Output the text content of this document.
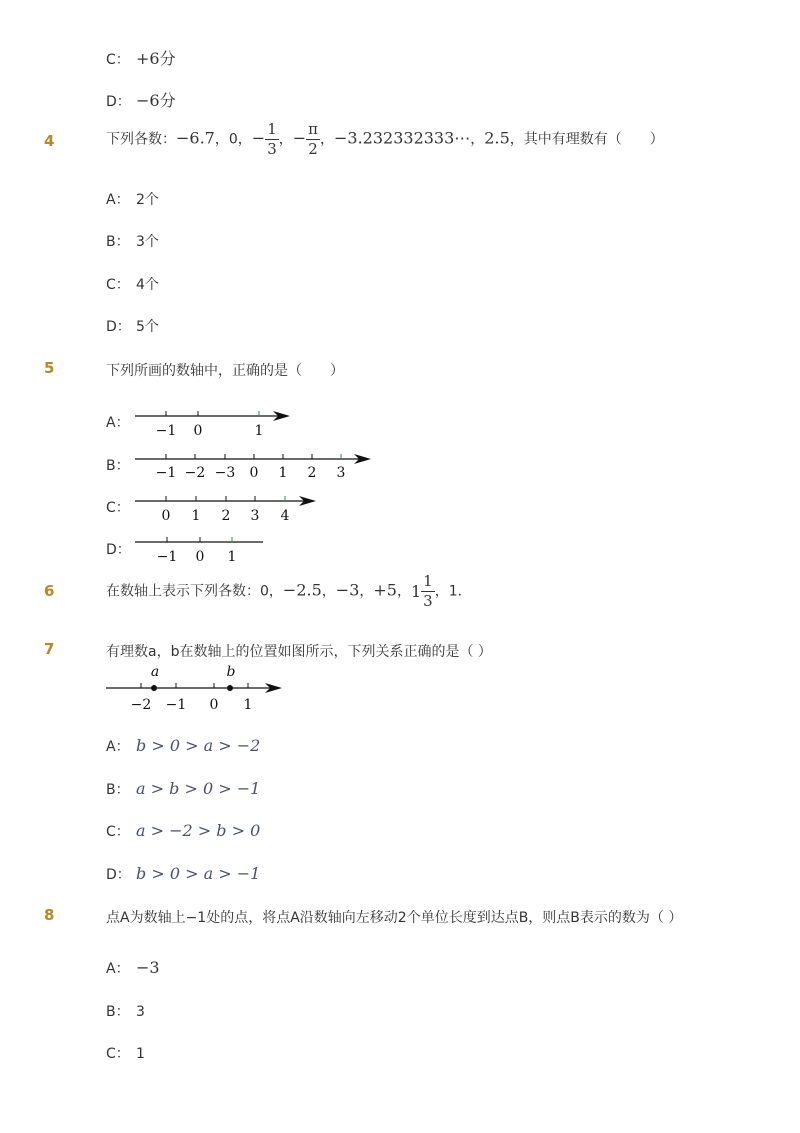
C： +6分
D： −6分
4	下列各数：−6.7，0，− $\frac{1}{3}$ ，− $\frac{\pi}{2}$ ，−3.232332333⋯，2.5，其中有理数有（　　）
A： 2个
B： 3个
C： 4个
D： 5个
5	下列所画的数轴中，正确的是（　　）
A：	−1 0	1
B：	−1 −2 −3 0 1 2 3
C：	0 1 2 3 4
D：	−1 0 1
6	在数轴上表示下列各数：0，−2.5，−3，+5，$1 \frac{1}{3}$ ，1．
7	有理数a，b在数轴上的位置如图所示，下列关系正确的是（ ）
a	b
−2 −1 0 1
A： b > 0 > a > −2
B： a > b > 0 > −1
C： a > −2 > b > 0
D： b > 0 > a > −1
8	点A为数轴上−1处的点，将点A沿数轴向左移动2个单位长度到达点B，则点B表示的数为（ ）
A： −3
B： 3
C： 1
